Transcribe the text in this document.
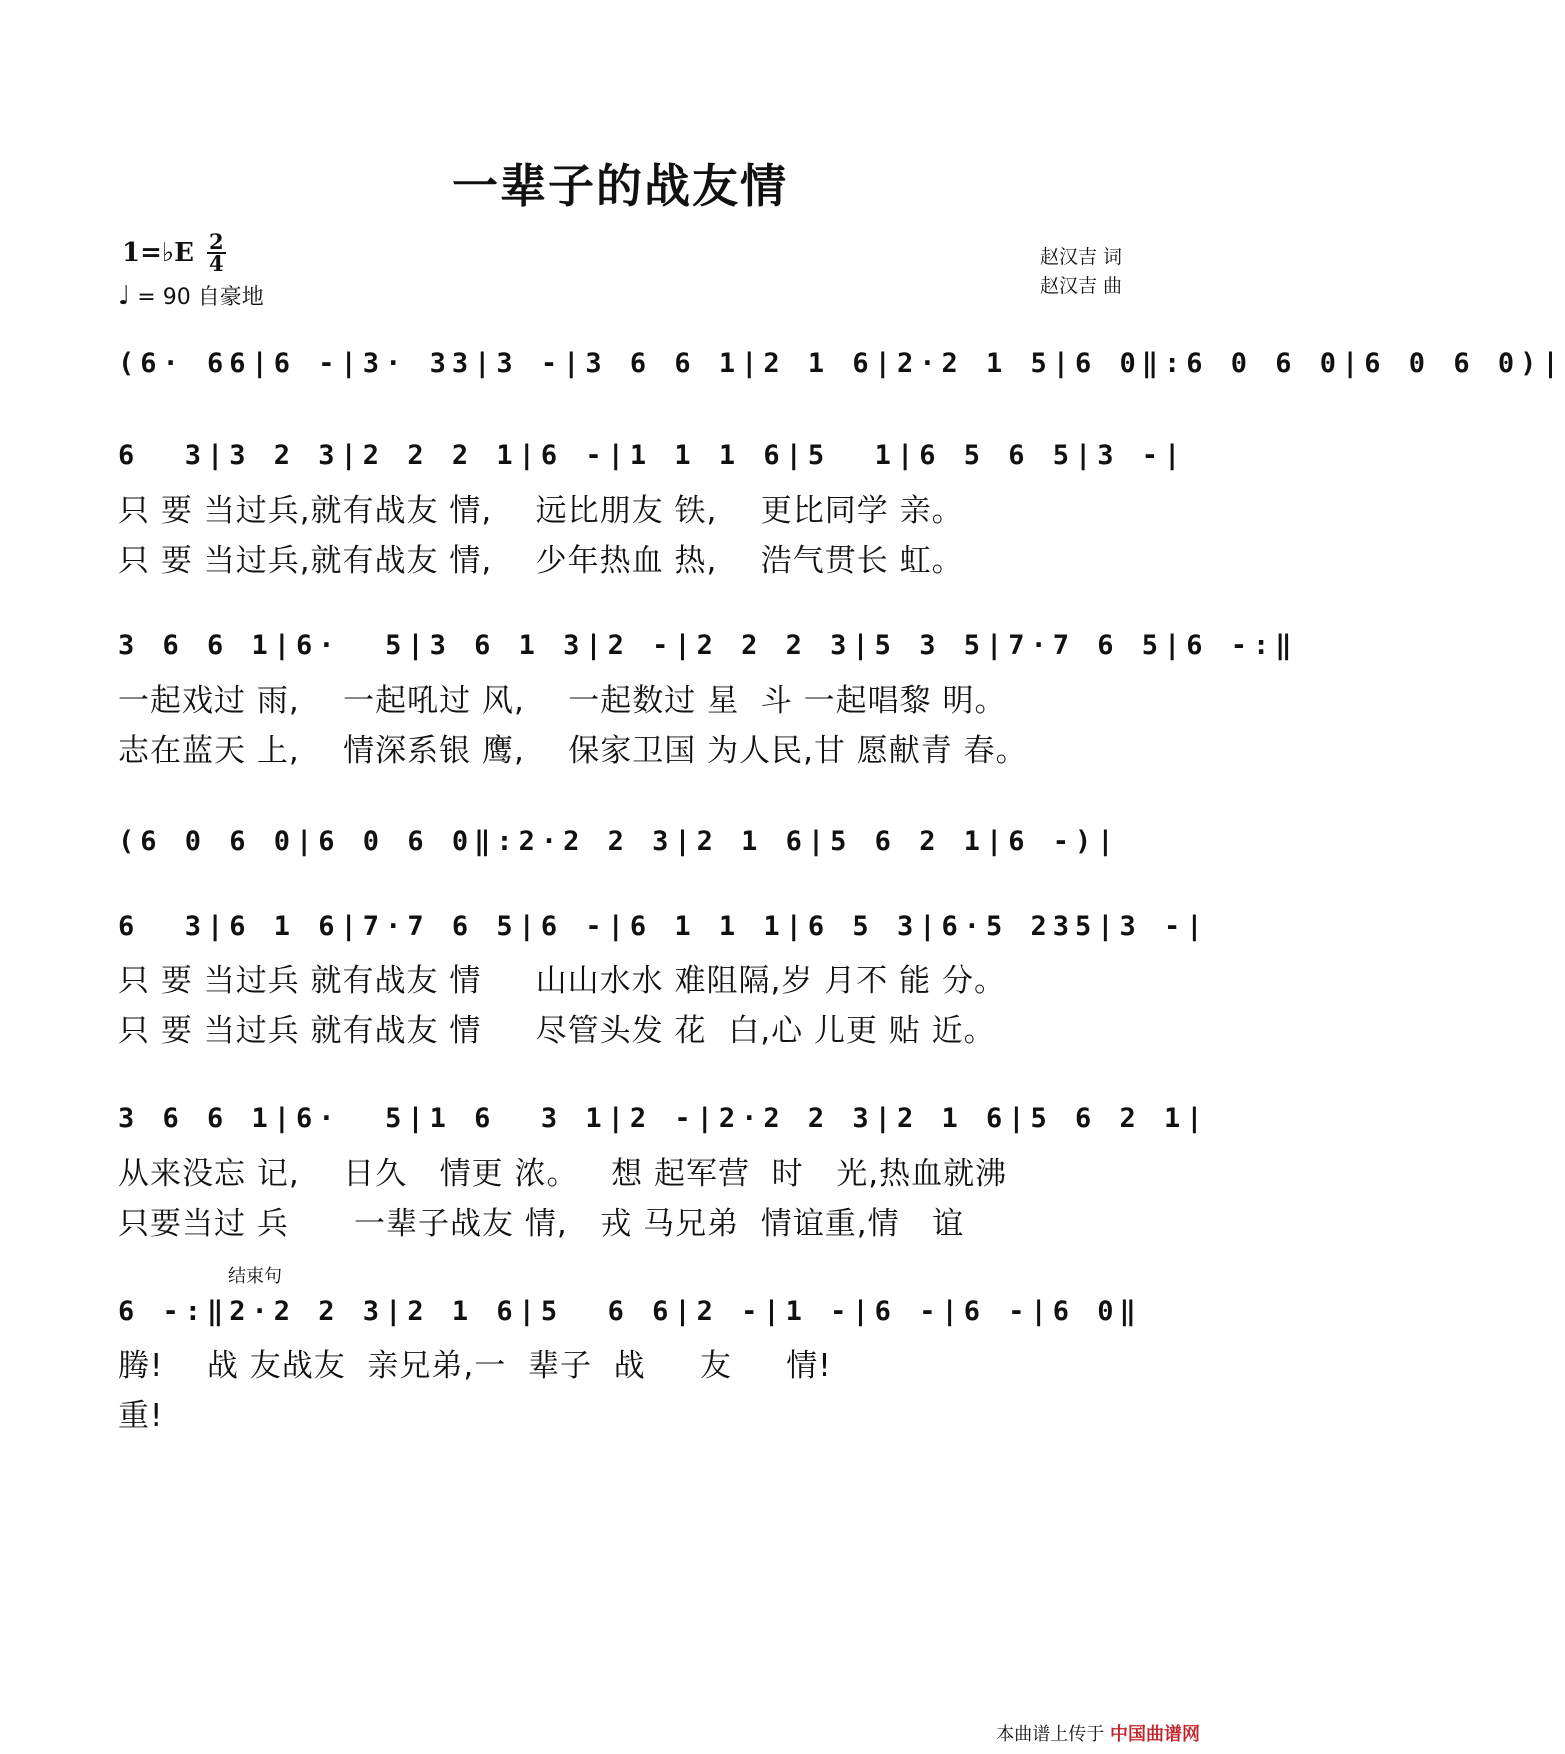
一辈子的战友情
1=♭E 2
4
♩ = 90 自豪地
赵汉吉 词
赵汉吉 曲
(6· 66|6 -|3· 33|3 -|3 6 6 1|2 1 6|2·2 1 5|6 0‖:6 0 6 0|6 0 6 0)|
6  3|3 2 3|2 2 2 1|6 -|1 1 1 6|5  1|6 5 6 5|3 -|
只 要 当过兵,就有战友 情,    远比朋友 铁,    更比同学 亲。
只 要 当过兵,就有战友 情,    少年热血 热,    浩气贯长 虹。
3 6 6 1|6·  5|3 6 1 3|2 -|2 2 2 3|5 3 5|7·7 6 5|6 -:‖
一起戏过 雨,    一起吼过 风,    一起数过 星  斗 一起唱黎 明。
志在蓝天 上,    情深系银 鹰,    保家卫国 为人民,甘 愿献青 春。
(6 0 6 0|6 0 6 0‖:2·2 2 3|2 1 6|5 6 2 1|6 -)|
6  3|6 1 6|7·7 6 5|6 -|6 1 1 1|6 5 3|6·5 235|3 -|
只 要 当过兵 就有战友 情     山山水水 难阻隔,岁 月不 能 分。
只 要 当过兵 就有战友 情     尽管头发 花  白,心 儿更 贴 近。
3 6 6 1|6·  5|1 6  3 1|2 -|2·2 2 3|2 1 6|5 6 2 1|
从来没忘 记,    日久   情更 浓。   想 起军营  时   光,热血就沸
只要当过 兵      一辈子战友 情,   戎 马兄弟  情谊重,情   谊
结束句
6 -:‖2·2 2 3|2 1 6|5  6 6|2 -|1 -|6 -|6 -|6 0‖
腾!    战 友战友  亲兄弟,一  辈子  战     友     情!
重!
本曲谱上传于 中国曲谱网
